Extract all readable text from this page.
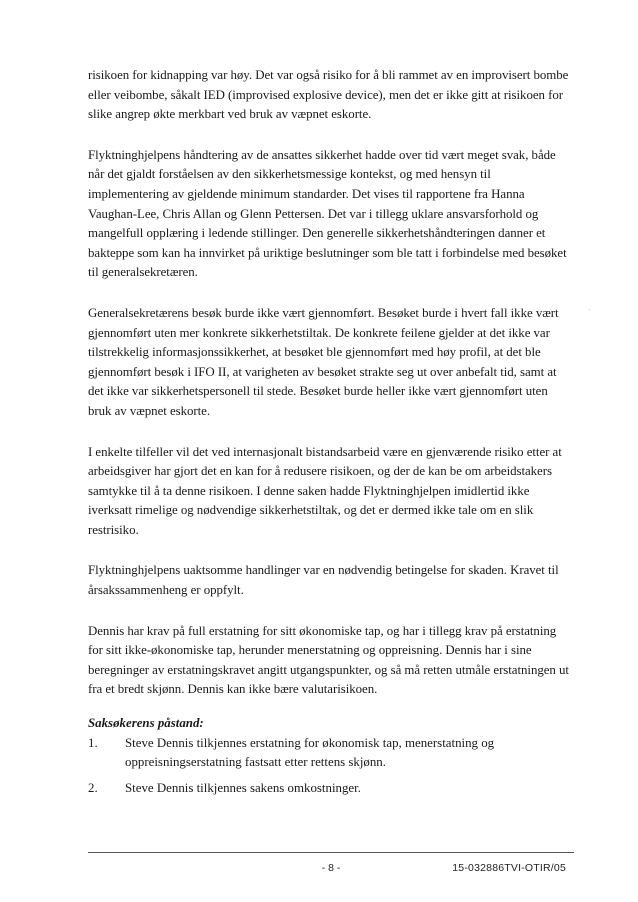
risikoen for kidnapping var høy. Det var også risiko for å bli rammet av en improvisert bombe eller veibombe, såkalt IED (improvised explosive device), men det er ikke gitt at risikoen for slike angrep økte merkbart ved bruk av væpnet eskorte.

Flyktninghjelpens håndtering av de ansattes sikkerhet hadde over tid vært meget svak, både når det gjaldt forståelsen av den sikkerhetsmessige kontekst, og med hensyn til implementering av gjeldende minimum standarder. Det vises til rapportene fra Hanna Vaughan-Lee, Chris Allan og Glenn Pettersen. Det var i tillegg uklare ansvarsforhold og mangelfull opplæring i ledende stillinger. Den generelle sikkerhetshåndteringen danner et bakteppe som kan ha innvirket på uriktige beslutninger som ble tatt i forbindelse med besøket til generalsekretæren.

Generalsekretærens besøk burde ikke vært gjennomført. Besøket burde i hvert fall ikke vært gjennomført uten mer konkrete sikkerhetstiltak. De konkrete feilene gjelder at det ikke var tilstrekkelig informasjonssikkerhet, at besøket ble gjennomført med høy profil, at det ble gjennomført besøk i IFO II, at varigheten av besøket strakte seg ut over anbefalt tid, samt at det ikke var sikkerhetspersonell til stede. Besøket burde heller ikke vært gjennomført uten bruk av væpnet eskorte.

I enkelte tilfeller vil det ved internasjonalt bistandsarbeid være en gjenværende risiko etter at arbeidsgiver har gjort det en kan for å redusere risikoen, og der de kan be om arbeidstakers samtykke til å ta denne risikoen. I denne saken hadde Flyktninghjelpen imidlertid ikke iverksatt rimelige og nødvendige sikkerhetstiltak, og det er dermed ikke tale om en slik restrisiko.

Flyktninghjelpens uaktsomme handlinger var en nødvendig betingelse for skaden. Kravet til årsakssammenheng er oppfylt.

Dennis har krav på full erstatning for sitt økonomiske tap, og har i tillegg krav på erstatning for sitt ikke-økonomiske tap, herunder menerstatning og oppreisning. Dennis har i sine beregninger av erstatningskravet angitt utgangspunkter, og så må retten utmåle erstatningen ut fra et bredt skjønn. Dennis kan ikke bære valutarisikoen.

Saksøkerens påstand:
1. Steve Dennis tilkjennes erstatning for økonomisk tap, menerstatning og oppreisningserstatning fastsatt etter rettens skjønn.
2. Steve Dennis tilkjennes sakens omkostninger.
- 8 -	15-032886TVI-OTIR/05
